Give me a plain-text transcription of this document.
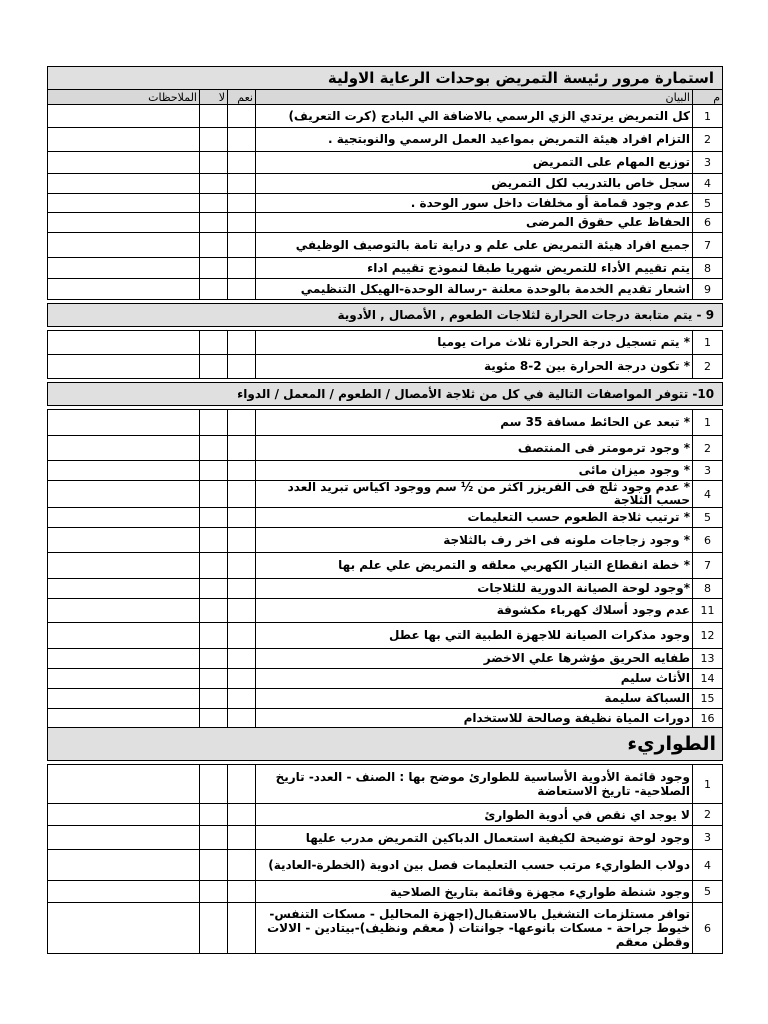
استمارة مرور رئيسة التمريض بوحدات الرعاية الاولية				
الملاحظات	لا	نعم	البيان	م
			كل التمريض يرتدي الزي الرسمي بالاضافة الي البادج (كرت التعريف)	1
			التزام افراد هيئة التمريض بمواعيد العمل الرسمي والنوبتجية .	2
			توزيع المهام على التمريض	3
			سجل خاص بالتدريب لكل التمريض	4
			عدم وجود قمامة أو مخلفات داخل سور الوحدة .	5
			الحفاظ علي حقوق المرضى	6
			جميع افراد هيئة التمريض على علم و دراية تامة بالتوصيف الوظيفي	7
			يتم تقييم الأداء للتمريض شهريا طبقا لنموذج تقييم اداء	8
			اشعار تقديم الخدمة بالوحدة معلنة -رسالة الوحدة-الهيكل التنظيمي	9

9 - يتم متابعة درجات الحرارة لثلاجات الطعوم , الأمصال , الأدوية				

			* يتم تسجيل درجة الحرارة ثلاث مرات يوميا	1
			* تكون درجة الحرارة بين 2-8 مئوية	2

10- تتوفر المواصفات التالية في كل من ثلاجة الأمصال / الطعوم / المعمل / الدواء				

			* تبعد عن الحائط مسافة 35 سم	1
			* وجود ترمومتر فى المنتصف	2
			* وجود ميزان مائى	3
			* عدم وجود ثلج فى الفريزر اكثر من ½ سم ووجود اكياس تبريد العدد حسب الثلاجة	4
			* ترتيب ثلاجة الطعوم حسب التعليمات	5
			* وجود زجاجات ملونه فى اخر رف بالثلاجة	6
			* خطة انقطاع التيار الكهربي معلقه و التمريض علي علم بها	7
			*وجود لوحة الصيانة الدورية للثلاجات	8
			عدم وجود أسلاك كهرباء مكشوفة	11
			وجود مذكرات الصيانة للاجهزة الطبية التي بها عطل	12
			طفايه الحريق مؤشرها علي الاخضر	13
			الأثاث سليم	14
			السباكة سليمة	15
			دورات المياة نظيفة وصالحة للاستخدام	16
الطواريء				

			وجود قائمة الأدوية الأساسية للطوارئ موضح بها : الصنف - العدد- تاريخ الصلاحية- تاريخ الاستعاضة	1
			لا يوجد اي نقص في أدوية الطوارئ	2
			وجود لوحة توضيحة لكيفية استعمال الدباكين التمريض مدرب عليها	3
			دولاب الطواريء مرتب حسب التعليمات فصل بين ادوية (الخطرة-العادية)	4
			وجود شنطة طواريء مجهزة وقائمة بتاريخ الصلاحية	5
			توافر مستلزمات التشغيل بالاستقبال(اجهزة المحاليل - مسكات التنفس- خيوط جراحة - مسكات بانوعها- جوانتات ( معقم ونظيف)-بيتادين - الالات وقطن معقم	6
